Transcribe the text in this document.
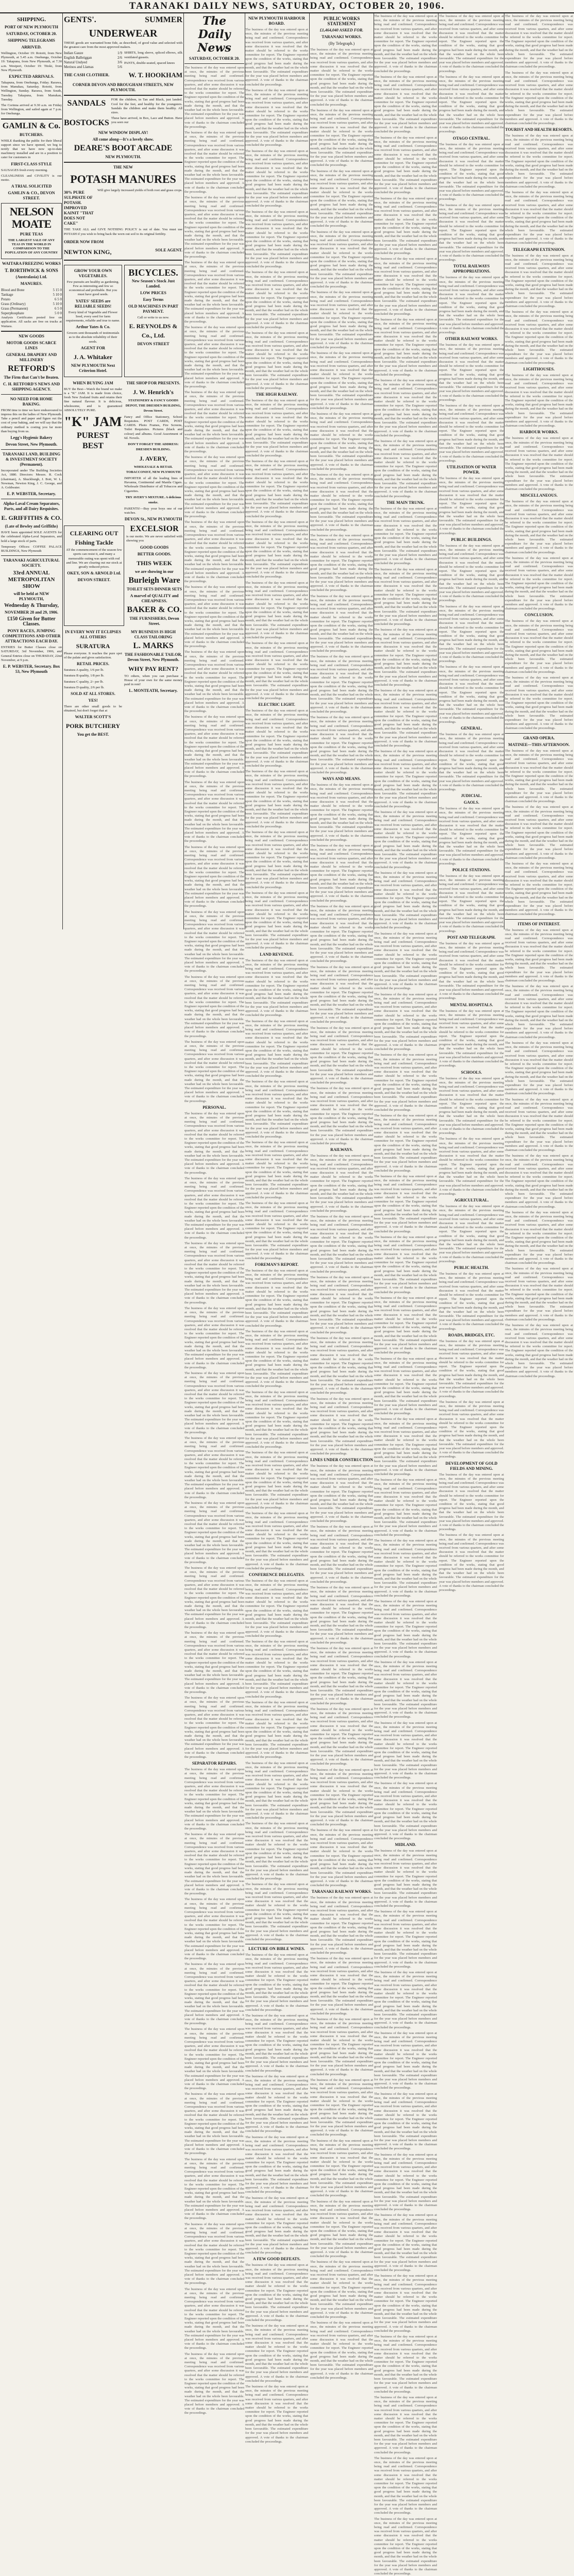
TARANAKI DAILY NEWS, SATURDAY, OCTOBER 20, 1906.
SHIPPING.
PORT OF NEW PLYMOUTH
SATURDAY, OCTOBER 20.
SHIPPING TELEGRAMS
ARRIVED.

Wellington, October 19: Rotoiti, from New Plymouth, at 5.45 a.m. Onehunga, October 19: Takapuna, from New Plymouth, at 7.30 a.m. Westport, October 19: Titoki, from New Plymouth.

EXPECTED ARRIVALS.

Takapuna, from Onehunga, Friday. Rarawa, from Manukau, Saturday. Rotoiti, from Wellington, Sunday. Rarawa, from South, Tuesday. Takapuna, from Manukau, Tuesday.

The Corinna arrived at 9.30 a.m. on Friday from Wellington, and sailed again at 7 p.m. for Onehunga.

GAMLIN & Co.
BUTCHERS.

WHILE thanking the public for their liberal support since we have opened, we beg to notify that we have now up-to-date machinery installed and are in a position to cater for customers in

FIRST-CLASS STYLE

SAUSAGES fresh every morning.

CLEANLINESS and CIVILITY is our motto.

A TRIAL SOLICITED
GAMLIN & CO., DEVON STREET.
NELSON MOATE
PURE TEAS
THE LARGEST SALE OF ANY TEAS IN THE WORLD IN COMPARISON TO THE POPULATION OF ANY COUNTRY
WAITARA FREEZING WORKS
T. BORTHWICK & SONS
(Australasia) Ltd.
MANURES.
Blood and Bone	5 15 0
Tankage	5 10 0
Potato	6 5 0
Grass (Ordinary)	5 10 0
Grass (Permanent)	6 5 0
Superphosphate	5 0 0

Analysis Certificates posted free on application. All sacks are free on trucks at Waitara.

NEW GOODS
MOTOR GOODS SCARCE LINES
GENERAL DRAPERY AND MILLINERY
RETFORD'S
The Firm that Can't be Beaten.
C. H. RETFORD'S NEWS AND SHIPPING AGENCY.
NO NEED FOR HOME BAKING.

FROM time to time we have endeavoured to impress this on the ladies of New Plymouth. Take a pencil and paper and figure out the cost of your baking, and we will say that the ordinary method is costing you far more than buying from us.

Legg's Hygienic Bakery
Devon Street, New Plymouth.
TARANAKI LAND, BUILDING & INVESTMENT SOCIETY (Permanent).

Incorporated under The Building Societies Act, 1880. Directors: Messrs. R. Cock (chairman), A. Shuckburgh, J. Bott, W. L. Newman, Newton King, J. C. George, and A. Goldwater.

E. P. WEBSTER, Secretary.
Alpha-Laval Cream Separators, Parts, and all Dairy Requisites.
E. GRIFFITHS & CO.
(Late of Bewley and Griffiths)

HAVE been appointed SOLE AGENTS for the celebrated Alpha-Laval Separators, and hold a large stock of parts.

Temporary Offices: COFFEE PALACE BUILDINGS, New Plymouth

TARANAKI AGRICULTURAL SOCIETY.
33rd ANNUAL METROPOLITAN SHOW
will be held at NEW PLYMOUTH,
Wednesday & Thursday,
NOVEMBER 28 and 29, 1906.
£150 Given for Butter Classes.
PONY RACES, JUMPING COMPETITIONS AND OTHER ATTRACTIONS EACH DAY.

ENTRIES for Butter Classes close on SATURDAY, 3rd November, 1906, and General Entries close on THURSDAY, 22nd November, at 9 p.m.

E. P. WEBSTER, Secretary. Box 53, New Plymouth
GENTS'.	SUMMER
UNDERWEAR

THESE goods are warranted bone fide, as described, of good value and selected with the greatest care from the most approved makers.

Indian Gauze	1/9
English Balbriggan	2/6
Natural Undyed	3/6
Merinos and Llamas	5/6

SHIRTS, long sleeve, spliced elbows, silk ventilated gussets.

PANTS, double-seated, spaced knees

THE CASH CLOTHIER.	W. T. HOOKHAM
CORNER DEVON AND BROUGHAM STREETS, NEW PLYMOUTH.
SANDALS
BOSTOCKS

FOR the children, in Tan and Black, just landed. Cool for the feet, and healthy for the youngsters. Sandals the children and make them healthy. All sizes.

These have arrived, in Box, Lace and Button. Have you seen our

NEW WINDOW DISPLAY!
All come along—It's a lovely show.
DEARE'S BOOT ARCADE
NEW PLYMOUTH.
THE NEW
POTASH MANURES
30% PURE SULPHATE OF POTASH. IMPROVED KAINIT "THAT DOES NOT CAKE"

Will give largely increased yields of both root and grass crops.

THE TAKE ALL and GIVE NOTHING POLICY is out of date. You must use POTASH if you wish to bring back the worn out soil to its original fertility.

ORDER NOW FROM
NEWTON KING,	SOLE AGENT.
GROW YOUR OWN VEGETABLES.

Few pursuits are healthy as gardening. Few as interesting and few so economical and profitable. But you must have good seeds.

YATES' SEEDS are RELIABLE SEEDS!

Every kind of Vegetable and Flower Seed, every seed for farm requirements, reliable and true to name.

Arthur Yates & Co.

Grocers sent thousands of testimonials as to the absolute reliability of their seeds.

AGENT FOR
J. A. Whitaker
NEW PLYMOUTH Next Criterion Hotel.
BICYCLES.
New Season's Stock Just Landed.
LOW PRICES
Easy Terms
OLD MACHINES IN PART PAYMENT.

Call or write to us now.

E. REYNOLDS & Co., Ltd.
DEVON STREET
WHEN BUYING JAM

BUY the Best—Watch the brand we make is a "K" JAM. It is made from choice, fresh New Zealand fruits and retains their fine natural flavour. It is delicious, wholesome, and is guaranteed ABSOLUTELY PURE.

"K" JAM
PUREST
BEST
THE SHOP FOR PRESENTS.
J. W. Henrich's
STATIONERY & FANCY GOODS DEPOT, THE DRESDEN BUILDING, Devon Street.

Fancy and Office Stationery, School Requisites. POST CARDS, POST CARDS. Photo Frames, Fire Screens, Toilet Requisites. Pictures (black and colour) and albums. Good Assortment of 6d. Novels.

DON'T FORGET THE ADDRESS: DRESDEN BUILDING.
J. AVERY,
WHOLESALE & RETAIL TOBACCONIST, NEW PLYMOUTH

IMPORTER of all the leading lines of Havanna, Continental and Manila Cigars. Wholesale Distributor of all Tobaccos and Cigarettes.

TRY AVERY'S MIXTURE. A delicious smoke.

PARENTS!—Buy your boys one of our watches.

DEVON St., NEW PLYMOUTH
CLEARING OUT Fishing Tackle

AT the commencement of the season few sports can resist it, and many a memorable outing was spent with rod and line. We are clearing out our stock at greatly reduced prices.

OKEY, SON & ARNOLD Ltd.
DEVON STREET.
EXCELSIOR

is our motto. We are never satisfied with showing you

GOOD GOODS
BETTER GOODS.
THIS WEEK
we are showing in our
Burleigh Ware
TOILET SETS DINNER SETS
A marvel of QUALITY and CHEAPNESS.
BAKER & CO.
THE FURNISHERS, Devon Street.
IN EVERY WAY IT ECLIPSES ALL OTHERS
SURATURA

Please everyone. It reaches the pure spot of the palate and gives satisfaction.

RETAIL PRICES.

Suratura A quality, 1/6 per lb.

Suratura B quality, 1/8 per lb.

Suratura C quality, 2/- per lb.

Suratura D quality, 2/6 per lb.

SOLD AT ALL STORES.
YES!

There are other small goods to be obtained, but don't forget that at

WALTER SCOTT'S
PORK BUTCHERY
You get the BEST.
MY BUSINESS IS HIGH CLASS TAILORING
L. MARKS
THE FASHIONABLE TAILOR, Devon Street, New Plymouth.
WHY PAY RENT?

TO others, when you can purchase a House of your own for the same money paid in rent!

L. MONTEATH, Secretary.
The Daily News
SATURDAY, OCTOBER 20.

The business of the day was entered upon at once, the minutes of the previous meeting being read and confirmed. Correspondence was received from various quarters, and after some discussion it was resolved that the matter should be referred to the works committee for report. The Engineer reported upon the condition of the works, stating that good progress had been made during the month, and that the weather had on the whole been favourable. The estimated expenditure for the year was placed before members and approved. A vote of thanks to the chairman concluded the proceedings.

The business of the day was entered upon at once, the minutes of the previous meeting being read and confirmed. Correspondence was received from various quarters, and after some discussion it was resolved that the matter should be referred to the works committee for report. The Engineer reported upon the condition of the works, stating that good progress had been made during the month, and that the weather had on the whole been favourable. The estimated expenditure for the year was placed before members and approved. A vote of thanks to the chairman concluded the proceedings.

The business of the day was entered upon at once, the minutes of the previous meeting being read and confirmed. Correspondence was received from various quarters, and after some discussion it was resolved that the matter should be referred to the works committee for report. The Engineer reported upon the condition of the works, stating that good progress had been made during the month, and that the weather had on the whole been favourable. The estimated expenditure for the year was placed before members and approved. A vote of thanks to the chairman concluded the proceedings.

The business of the day was entered upon at once, the minutes of the previous meeting being read and confirmed. Correspondence was received from various quarters, and after some discussion it was resolved that the matter should be referred to the works committee for report. The Engineer reported upon the condition of the works, stating that good progress had been made during the month, and that the weather had on the whole been favourable. The estimated expenditure for the year was placed before members and approved. A vote of thanks to the chairman concluded the proceedings.

The business of the day was entered upon at once, the minutes of the previous meeting being read and confirmed. Correspondence was received from various quarters, and after some discussion it was resolved that the matter should be referred to the works committee for report. The Engineer reported upon the condition of the works, stating that good progress had been made during the month, and that the weather had on the whole been favourable. The estimated expenditure for the year was placed before members and approved. A vote of thanks to the chairman concluded the proceedings.

The business of the day was entered upon at once, the minutes of the previous meeting being read and confirmed. Correspondence was received from various quarters, and after some discussion it was resolved that the matter should be referred to the works committee for report. The Engineer reported upon the condition of the works, stating that good progress had been made during the month, and that the weather had on the whole been favourable. The estimated expenditure for the year was placed before members and approved. A vote of thanks to the chairman concluded the proceedings.

The business of the day was entered upon at once, the minutes of the previous meeting being read and confirmed. Correspondence was received from various quarters, and after some discussion it was resolved that the matter should be referred to the works committee for report. The Engineer reported upon the condition of the works, stating that good progress had been made during the month, and that the weather had on the whole been favourable. The estimated expenditure for the year was placed before members and approved. A vote of thanks to the chairman concluded the proceedings.

The business of the day was entered upon at once, the minutes of the previous meeting being read and confirmed. Correspondence was received from various quarters, and after some discussion it was resolved that the matter should be referred to the works committee for report. The Engineer reported upon the condition of the works, stating that good progress had been made during the month, and that the weather had on the whole been favourable. The estimated expenditure for the year was placed before members and approved. A vote of thanks to the chairman concluded the proceedings.

The business of the day was entered upon at once, the minutes of the previous meeting being read and confirmed. Correspondence was received from various quarters, and after some discussion it was resolved that the matter should be referred to the works committee for report. The Engineer reported upon the condition of the works, stating that good progress had been made during the month, and that the weather had on the whole been favourable. The estimated expenditure for the year was placed before members and approved. A vote of thanks to the chairman concluded the proceedings.

The business of the day was entered upon at once, the minutes of the previous meeting being read and confirmed. Correspondence was received from various quarters, and after some discussion it was resolved that the matter should be referred to the works committee for report. The Engineer reported upon the condition of the works, stating that good progress had been made during the month, and that the weather had on the whole been favourable. The estimated expenditure for the year was placed before members and approved. A vote of thanks to the chairman concluded the proceedings.

The business of the day was entered upon at once, the minutes of the previous meeting being read and confirmed. Correspondence was received from various quarters, and after some discussion it was resolved that the matter should be referred to the works committee for report. The Engineer reported upon the condition of the works, stating that good progress had been made during the month, and that the weather had on the whole been favourable. The estimated expenditure for the year was placed before members and approved. A vote of thanks to the chairman concluded the proceedings.

The business of the day was entered upon at once, the minutes of the previous meeting being read and confirmed. Correspondence was received from various quarters, and after some discussion it was resolved that the matter should be referred to the works committee for report. The Engineer reported upon the condition of the works, stating that good progress had been made during the month, and that the weather had on the whole been favourable. The estimated expenditure for the year was placed before members and approved. A vote of thanks to the chairman concluded the proceedings.

The business of the day was entered upon at once, the minutes of the previous meeting being read and confirmed. Correspondence was received from various quarters, and after some discussion it was resolved that the matter should be referred to the works committee for report. The Engineer reported upon the condition of the works, stating that good progress had been made during the month, and that the weather had on the whole been favourable. The estimated expenditure for the year was placed before members and approved. A vote of thanks to the chairman concluded the proceedings.

The business of the day was entered upon at once, the minutes of the previous meeting being read and confirmed. Correspondence was received from various quarters, and after some discussion it was resolved that the matter should be referred to the works committee for report. The Engineer reported upon the condition of the works, stating that good progress had been made during the month, and that the weather had on the whole been favourable. The estimated expenditure for the year was placed before members and approved. A vote of thanks to the chairman concluded the proceedings.

The business of the day was entered upon at once, the minutes of the previous meeting being read and confirmed. Correspondence was received from various quarters, and after some discussion it was resolved that the matter should be referred to the works committee for report. The Engineer reported upon the condition of the works, stating that good progress had been made during the month, and that the weather had on the whole been favourable. The estimated expenditure for the year was placed before members and approved. A vote of thanks to the chairman concluded the proceedings.

The business of the day was entered upon at once, the minutes of the previous meeting being read and confirmed. Correspondence was received from various quarters, and after some discussion it was resolved that the matter should be referred to the works committee for report. The Engineer reported upon the condition of the works, stating that good progress had been made during the month, and that the weather had on the whole been favourable. The estimated expenditure for the year was placed before members and approved. A vote of thanks to the chairman concluded the proceedings.

PERSONAL.

The business of the day was entered upon at once, the minutes of the previous meeting being read and confirmed. Correspondence was received from various quarters, and after some discussion it was resolved that the matter should be referred to the works committee for report. The Engineer reported upon the condition of the works, stating that good progress had been made during the month, and that the weather had on the whole been favourable. The estimated expenditure for the year was placed before members and approved. A vote of thanks to the chairman concluded the proceedings.

The business of the day was entered upon at once, the minutes of the previous meeting being read and confirmed. Correspondence was received from various quarters, and after some discussion it was resolved that the matter should be referred to the works committee for report. The Engineer reported upon the condition of the works, stating that good progress had been made during the month, and that the weather had on the whole been favourable. The estimated expenditure for the year was placed before members and approved. A vote of thanks to the chairman concluded the proceedings.

The business of the day was entered upon at once, the minutes of the previous meeting being read and confirmed. Correspondence was received from various quarters, and after some discussion it was resolved that the matter should be referred to the works committee for report. The Engineer reported upon the condition of the works, stating that good progress had been made during the month, and that the weather had on the whole been favourable. The estimated expenditure for the year was placed before members and approved. A vote of thanks to the chairman concluded the proceedings.

The business of the day was entered upon at once, the minutes of the previous meeting being read and confirmed. Correspondence was received from various quarters, and after some discussion it was resolved that the matter should be referred to the works committee for report. The Engineer reported upon the condition of the works, stating that good progress had been made during the month, and that the weather had on the whole been favourable. The estimated expenditure for the year was placed before members and approved. A vote of thanks to the chairman concluded the proceedings.

The business of the day was entered upon at once, the minutes of the previous meeting being read and confirmed. Correspondence was received from various quarters, and after some discussion it was resolved that the matter should be referred to the works committee for report. The Engineer reported upon the condition of the works, stating that good progress had been made during the month, and that the weather had on the whole been favourable. The estimated expenditure for the year was placed before members and approved. A vote of thanks to the chairman concluded the proceedings.

The business of the day was entered upon at once, the minutes of the previous meeting being read and confirmed. Correspondence was received from various quarters, and after some discussion it was resolved that the matter should be referred to the works committee for report. The Engineer reported upon the condition of the works, stating that good progress had been made during the month, and that the weather had on the whole been favourable. The estimated expenditure for the year was placed before members and approved. A vote of thanks to the chairman concluded the proceedings.

The business of the day was entered upon at once, the minutes of the previous meeting being read and confirmed. Correspondence was received from various quarters, and after some discussion it was resolved that the matter should be referred to the works committee for report. The Engineer reported upon the condition of the works, stating that good progress had been made during the month, and that the weather had on the whole been favourable. The estimated expenditure for the year was placed before members and approved. A vote of thanks to the chairman concluded the proceedings.

The business of the day was entered upon at once, the minutes of the previous meeting being read and confirmed. Correspondence was received from various quarters, and after some discussion it was resolved that the matter should be referred to the works committee for report. The Engineer reported upon the condition of the works, stating that good progress had been made during the month, and that the weather had on the whole been favourable. The estimated expenditure for the year was placed before members and approved. A vote of thanks to the chairman concluded the proceedings.

The business of the day was entered upon at once, the minutes of the previous meeting being read and confirmed. Correspondence was received from various quarters, and after some discussion it was resolved that the matter should be referred to the works committee for report. The Engineer reported upon the condition of the works, stating that good progress had been made during the month, and that the weather had on the whole been favourable. The estimated expenditure for the year was placed before members and approved. A vote of thanks to the chairman concluded the proceedings.

The business of the day was entered upon at once, the minutes of the previous meeting being read and confirmed. Correspondence was received from various quarters, and after some discussion it was resolved that the matter should be referred to the works committee for report. The Engineer reported upon the condition of the works, stating that good progress had been made during the month, and that the weather had on the whole been favourable. The estimated expenditure for the year was placed before members and approved. A vote of thanks to the chairman concluded the proceedings.

SEPARATOR REPAIRS.

The business of the day was entered upon at once, the minutes of the previous meeting being read and confirmed. Correspondence was received from various quarters, and after some discussion it was resolved that the matter should be referred to the works committee for report. The Engineer reported upon the condition of the works, stating that good progress had been made during the month, and that the weather had on the whole been favourable. The estimated expenditure for the year was placed before members and approved. A vote of thanks to the chairman concluded the proceedings.

The business of the day was entered upon at once, the minutes of the previous meeting being read and confirmed. Correspondence was received from various quarters, and after some discussion it was resolved that the matter should be referred to the works committee for report. The Engineer reported upon the condition of the works, stating that good progress had been made during the month, and that the weather had on the whole been favourable. The estimated expenditure for the year was placed before members and approved. A vote of thanks to the chairman concluded the proceedings.

The business of the day was entered upon at once, the minutes of the previous meeting being read and confirmed. Correspondence was received from various quarters, and after some discussion it was resolved that the matter should be referred to the works committee for report. The Engineer reported upon the condition of the works, stating that good progress had been made during the month, and that the weather had on the whole been favourable. The estimated expenditure for the year was placed before members and approved. A vote of thanks to the chairman concluded the proceedings.

The business of the day was entered upon at once, the minutes of the previous meeting being read and confirmed. Correspondence was received from various quarters, and after some discussion it was resolved that the matter should be referred to the works committee for report. The Engineer reported upon the condition of the works, stating that good progress had been made during the month, and that the weather had on the whole been favourable. The estimated expenditure for the year was placed before members and approved. A vote of thanks to the chairman concluded the proceedings.

The business of the day was entered upon at once, the minutes of the previous meeting being read and confirmed. Correspondence was received from various quarters, and after some discussion it was resolved that the matter should be referred to the works committee for report. The Engineer reported upon the condition of the works, stating that good progress had been made during the month, and that the weather had on the whole been favourable. The estimated expenditure for the year was placed before members and approved. A vote of thanks to the chairman concluded the proceedings.

The business of the day was entered upon at once, the minutes of the previous meeting being read and confirmed. Correspondence was received from various quarters, and after some discussion it was resolved that the matter should be referred to the works committee for report. The Engineer reported upon the condition of the works, stating that good progress had been made during the month, and that the weather had on the whole been favourable. The estimated expenditure for the year was placed before members and approved. A vote of thanks to the chairman concluded the proceedings.

The business of the day was entered upon at once, the minutes of the previous meeting being read and confirmed. Correspondence was received from various quarters, and after some discussion it was resolved that the matter should be referred to the works committee for report. The Engineer reported upon the condition of the works, stating that good progress had been made during the month, and that the weather had on the whole been favourable. The estimated expenditure for the year was placed before members and approved. A vote of thanks to the chairman concluded the proceedings.

The business of the day was entered upon at once, the minutes of the previous meeting being read and confirmed. Correspondence was received from various quarters, and after some discussion it was resolved that the matter should be referred to the works committee for report. The Engineer reported upon the condition of the works, stating that good progress had been made during the month, and that the weather had on the whole been favourable. The estimated expenditure for the year was placed before members and approved. A vote of thanks to the chairman concluded the proceedings.

The business of the day was entered upon at once, the minutes of the previous meeting being read and confirmed. Correspondence was received from various quarters, and after some discussion it was resolved that the matter should be referred to the works committee for report. The Engineer reported upon the condition of the works, stating that good progress had been made during the month, and that the weather had on the whole been favourable. The estimated expenditure for the year was placed before members and approved. A vote of thanks to the chairman concluded the proceedings.

The business of the day was entered upon at once, the minutes of the previous meeting being read and confirmed. Correspondence was received from various quarters, and after some discussion it was resolved that the matter should be referred to the works committee for report. The Engineer reported upon the condition of the works, stating that good progress had been made during the month, and that the weather had on the whole been favourable. The estimated expenditure for the year was placed before members and approved. A vote of thanks to the chairman concluded the proceedings.

NEW PLYMOUTH HARBOUR BOARD.

The business of the day was entered upon at once, the minutes of the previous meeting being read and confirmed. Correspondence was received from various quarters, and after some discussion it was resolved that the matter should be referred to the works committee for report. The Engineer reported upon the condition of the works, stating that good progress had been made during the month, and that the weather had on the whole been favourable. The estimated expenditure for the year was placed before members and approved. A vote of thanks to the chairman concluded the proceedings.

The business of the day was entered upon at once, the minutes of the previous meeting being read and confirmed. Correspondence was received from various quarters, and after some discussion it was resolved that the matter should be referred to the works committee for report. The Engineer reported upon the condition of the works, stating that good progress had been made during the month, and that the weather had on the whole been favourable. The estimated expenditure for the year was placed before members and approved. A vote of thanks to the chairman concluded the proceedings.

The business of the day was entered upon at once, the minutes of the previous meeting being read and confirmed. Correspondence was received from various quarters, and after some discussion it was resolved that the matter should be referred to the works committee for report. The Engineer reported upon the condition of the works, stating that good progress had been made during the month, and that the weather had on the whole been favourable. The estimated expenditure for the year was placed before members and approved. A vote of thanks to the chairman concluded the proceedings.

The business of the day was entered upon at once, the minutes of the previous meeting being read and confirmed. Correspondence was received from various quarters, and after some discussion it was resolved that the matter should be referred to the works committee for report. The Engineer reported upon the condition of the works, stating that good progress had been made during the month, and that the weather had on the whole been favourable. The estimated expenditure for the year was placed before members and approved. A vote of thanks to the chairman concluded the proceedings.

The business of the day was entered upon at once, the minutes of the previous meeting being read and confirmed. Correspondence was received from various quarters, and after some discussion it was resolved that the matter should be referred to the works committee for report. The Engineer reported upon the condition of the works, stating that good progress had been made during the month, and that the weather had on the whole been favourable. The estimated expenditure for the year was placed before members and approved. A vote of thanks to the chairman concluded the proceedings.

The business of the day was entered upon at once, the minutes of the previous meeting being read and confirmed. Correspondence was received from various quarters, and after some discussion it was resolved that the matter should be referred to the works committee for report. The Engineer reported upon the condition of the works, stating that good progress had been made during the month, and that the weather had on the whole been favourable. The estimated expenditure for the year was placed before members and approved. A vote of thanks to the chairman concluded the proceedings.

THE HIGH RAILWAY.

The business of the day was entered upon at once, the minutes of the previous meeting being read and confirmed. Correspondence was received from various quarters, and after some discussion it was resolved that the matter should be referred to the works committee for report. The Engineer reported upon the condition of the works, stating that good progress had been made during the month, and that the weather had on the whole been favourable. The estimated expenditure for the year was placed before members and approved. A vote of thanks to the chairman concluded the proceedings.

The business of the day was entered upon at once, the minutes of the previous meeting being read and confirmed. Correspondence was received from various quarters, and after some discussion it was resolved that the matter should be referred to the works committee for report. The Engineer reported upon the condition of the works, stating that good progress had been made during the month, and that the weather had on the whole been favourable. The estimated expenditure for the year was placed before members and approved. A vote of thanks to the chairman concluded the proceedings.

The business of the day was entered upon at once, the minutes of the previous meeting being read and confirmed. Correspondence was received from various quarters, and after some discussion it was resolved that the matter should be referred to the works committee for report. The Engineer reported upon the condition of the works, stating that good progress had been made during the month, and that the weather had on the whole been favourable. The estimated expenditure for the year was placed before members and approved. A vote of thanks to the chairman concluded the proceedings.

The business of the day was entered upon at once, the minutes of the previous meeting being read and confirmed. Correspondence was received from various quarters, and after some discussion it was resolved that the matter should be referred to the works committee for report. The Engineer reported upon the condition of the works, stating that good progress had been made during the month, and that the weather had on the whole been favourable. The estimated expenditure for the year was placed before members and approved. A vote of thanks to the chairman concluded the proceedings.

The business of the day was entered upon at once, the minutes of the previous meeting being read and confirmed. Correspondence was received from various quarters, and after some discussion it was resolved that the matter should be referred to the works committee for report. The Engineer reported upon the condition of the works, stating that good progress had been made during the month, and that the weather had on the whole been favourable. The estimated expenditure for the year was placed before members and approved. A vote of thanks to the chairman concluded the proceedings.

ELECTRIC LIGHT.

The business of the day was entered upon at once, the minutes of the previous meeting being read and confirmed. Correspondence was received from various quarters, and after some discussion it was resolved that the matter should be referred to the works committee for report. The Engineer reported upon the condition of the works, stating that good progress had been made during the month, and that the weather had on the whole been favourable. The estimated expenditure for the year was placed before members and approved. A vote of thanks to the chairman concluded the proceedings.

The business of the day was entered upon at once, the minutes of the previous meeting being read and confirmed. Correspondence was received from various quarters, and after some discussion it was resolved that the matter should be referred to the works committee for report. The Engineer reported upon the condition of the works, stating that good progress had been made during the month, and that the weather had on the whole been favourable. The estimated expenditure for the year was placed before members and approved. A vote of thanks to the chairman concluded the proceedings.

The business of the day was entered upon at once, the minutes of the previous meeting being read and confirmed. Correspondence was received from various quarters, and after some discussion it was resolved that the matter should be referred to the works committee for report. The Engineer reported upon the condition of the works, stating that good progress had been made during the month, and that the weather had on the whole been favourable. The estimated expenditure for the year was placed before members and approved. A vote of thanks to the chairman concluded the proceedings.

The business of the day was entered upon at once, the minutes of the previous meeting being read and confirmed. Correspondence was received from various quarters, and after some discussion it was resolved that the matter should be referred to the works committee for report. The Engineer reported upon the condition of the works, stating that good progress had been made during the month, and that the weather had on the whole been favourable. The estimated expenditure for the year was placed before members and approved. A vote of thanks to the chairman concluded the proceedings.

LAND REVENUE.

The business of the day was entered upon at once, the minutes of the previous meeting being read and confirmed. Correspondence was received from various quarters, and after some discussion it was resolved that the matter should be referred to the works committee for report. The Engineer reported upon the condition of the works, stating that good progress had been made during the month, and that the weather had on the whole been favourable. The estimated expenditure for the year was placed before members and approved. A vote of thanks to the chairman concluded the proceedings.

The business of the day was entered upon at once, the minutes of the previous meeting being read and confirmed. Correspondence was received from various quarters, and after some discussion it was resolved that the matter should be referred to the works committee for report. The Engineer reported upon the condition of the works, stating that good progress had been made during the month, and that the weather had on the whole been favourable. The estimated expenditure for the year was placed before members and approved. A vote of thanks to the chairman concluded the proceedings.

The business of the day was entered upon at once, the minutes of the previous meeting being read and confirmed. Correspondence was received from various quarters, and after some discussion it was resolved that the matter should be referred to the works committee for report. The Engineer reported upon the condition of the works, stating that good progress had been made during the month, and that the weather had on the whole been favourable. The estimated expenditure for the year was placed before members and approved. A vote of thanks to the chairman concluded the proceedings.

The business of the day was entered upon at once, the minutes of the previous meeting being read and confirmed. Correspondence was received from various quarters, and after some discussion it was resolved that the matter should be referred to the works committee for report. The Engineer reported upon the condition of the works, stating that good progress had been made during the month, and that the weather had on the whole been favourable. The estimated expenditure for the year was placed before members and approved. A vote of thanks to the chairman concluded the proceedings.

The business of the day was entered upon at once, the minutes of the previous meeting being read and confirmed. Correspondence was received from various quarters, and after some discussion it was resolved that the matter should be referred to the works committee for report. The Engineer reported upon the condition of the works, stating that good progress had been made during the month, and that the weather had on the whole been favourable. The estimated expenditure for the year was placed before members and approved. A vote of thanks to the chairman concluded the proceedings.

FOREMAN'S REPORT.

The business of the day was entered upon at once, the minutes of the previous meeting being read and confirmed. Correspondence was received from various quarters, and after some discussion it was resolved that the matter should be referred to the works committee for report. The Engineer reported upon the condition of the works, stating that good progress had been made during the month, and that the weather had on the whole been favourable. The estimated expenditure for the year was placed before members and approved. A vote of thanks to the chairman concluded the proceedings.

The business of the day was entered upon at once, the minutes of the previous meeting being read and confirmed. Correspondence was received from various quarters, and after some discussion it was resolved that the matter should be referred to the works committee for report. The Engineer reported upon the condition of the works, stating that good progress had been made during the month, and that the weather had on the whole been favourable. The estimated expenditure for the year was placed before members and approved. A vote of thanks to the chairman concluded the proceedings.

The business of the day was entered upon at once, the minutes of the previous meeting being read and confirmed. Correspondence was received from various quarters, and after some discussion it was resolved that the matter should be referred to the works committee for report. The Engineer reported upon the condition of the works, stating that good progress had been made during the month, and that the weather had on the whole been favourable. The estimated expenditure for the year was placed before members and approved. A vote of thanks to the chairman concluded the proceedings.

The business of the day was entered upon at once, the minutes of the previous meeting being read and confirmed. Correspondence was received from various quarters, and after some discussion it was resolved that the matter should be referred to the works committee for report. The Engineer reported upon the condition of the works, stating that good progress had been made during the month, and that the weather had on the whole been favourable. The estimated expenditure for the year was placed before members and approved. A vote of thanks to the chairman concluded the proceedings.

The business of the day was entered upon at once, the minutes of the previous meeting being read and confirmed. Correspondence was received from various quarters, and after some discussion it was resolved that the matter should be referred to the works committee for report. The Engineer reported upon the condition of the works, stating that good progress had been made during the month, and that the weather had on the whole been favourable. The estimated expenditure for the year was placed before members and approved. A vote of thanks to the chairman concluded the proceedings.

CONFERENCE DELEGATES.

The business of the day was entered upon at once, the minutes of the previous meeting being read and confirmed. Correspondence was received from various quarters, and after some discussion it was resolved that the matter should be referred to the works committee for report. The Engineer reported upon the condition of the works, stating that good progress had been made during the month, and that the weather had on the whole been favourable. The estimated expenditure for the year was placed before members and approved. A vote of thanks to the chairman concluded the proceedings.

The business of the day was entered upon at once, the minutes of the previous meeting being read and confirmed. Correspondence was received from various quarters, and after some discussion it was resolved that the matter should be referred to the works committee for report. The Engineer reported upon the condition of the works, stating that good progress had been made during the month, and that the weather had on the whole been favourable. The estimated expenditure for the year was placed before members and approved. A vote of thanks to the chairman concluded the proceedings.

The business of the day was entered upon at once, the minutes of the previous meeting being read and confirmed. Correspondence was received from various quarters, and after some discussion it was resolved that the matter should be referred to the works committee for report. The Engineer reported upon the condition of the works, stating that good progress had been made during the month, and that the weather had on the whole been favourable. The estimated expenditure for the year was placed before members and approved. A vote of thanks to the chairman concluded the proceedings.

The business of the day was entered upon at once, the minutes of the previous meeting being read and confirmed. Correspondence was received from various quarters, and after some discussion it was resolved that the matter should be referred to the works committee for report. The Engineer reported upon the condition of the works, stating that good progress had been made during the month, and that the weather had on the whole been favourable. The estimated expenditure for the year was placed before members and approved. A vote of thanks to the chairman concluded the proceedings.

The business of the day was entered upon at once, the minutes of the previous meeting being read and confirmed. Correspondence was received from various quarters, and after some discussion it was resolved that the matter should be referred to the works committee for report. The Engineer reported upon the condition of the works, stating that good progress had been made during the month, and that the weather had on the whole been favourable. The estimated expenditure for the year was placed before members and approved. A vote of thanks to the chairman concluded the proceedings.

The business of the day was entered upon at once, the minutes of the previous meeting being read and confirmed. Correspondence was received from various quarters, and after some discussion it was resolved that the matter should be referred to the works committee for report. The Engineer reported upon the condition of the works, stating that good progress had been made during the month, and that the weather had on the whole been favourable. The estimated expenditure for the year was placed before members and approved. A vote of thanks to the chairman concluded the proceedings.

LECTURE ON BIBLE WINES.

The business of the day was entered upon at once, the minutes of the previous meeting being read and confirmed. Correspondence was received from various quarters, and after some discussion it was resolved that the matter should be referred to the works committee for report. The Engineer reported upon the condition of the works, stating that good progress had been made during the month, and that the weather had on the whole been favourable. The estimated expenditure for the year was placed before members and approved. A vote of thanks to the chairman concluded the proceedings.

The business of the day was entered upon at once, the minutes of the previous meeting being read and confirmed. Correspondence was received from various quarters, and after some discussion it was resolved that the matter should be referred to the works committee for report. The Engineer reported upon the condition of the works, stating that good progress had been made during the month, and that the weather had on the whole been favourable. The estimated expenditure for the year was placed before members and approved. A vote of thanks to the chairman concluded the proceedings.

The business of the day was entered upon at once, the minutes of the previous meeting being read and confirmed. Correspondence was received from various quarters, and after some discussion it was resolved that the matter should be referred to the works committee for report. The Engineer reported upon the condition of the works, stating that good progress had been made during the month, and that the weather had on the whole been favourable. The estimated expenditure for the year was placed before members and approved. A vote of thanks to the chairman concluded the proceedings.

The business of the day was entered upon at once, the minutes of the previous meeting being read and confirmed. Correspondence was received from various quarters, and after some discussion it was resolved that the matter should be referred to the works committee for report. The Engineer reported upon the condition of the works, stating that good progress had been made during the month, and that the weather had on the whole been favourable. The estimated expenditure for the year was placed before members and approved. A vote of thanks to the chairman concluded the proceedings.

The business of the day was entered upon at once, the minutes of the previous meeting being read and confirmed. Correspondence was received from various quarters, and after some discussion it was resolved that the matter should be referred to the works committee for report. The Engineer reported upon the condition of the works, stating that good progress had been made during the month, and that the weather had on the whole been favourable. The estimated expenditure for the year was placed before members and approved. A vote of thanks to the chairman concluded the proceedings.

A FEW GOOD DEFEATS.

The business of the day was entered upon at once, the minutes of the previous meeting being read and confirmed. Correspondence was received from various quarters, and after some discussion it was resolved that the matter should be referred to the works committee for report. The Engineer reported upon the condition of the works, stating that good progress had been made during the month, and that the weather had on the whole been favourable. The estimated expenditure for the year was placed before members and approved. A vote of thanks to the chairman concluded the proceedings.

The business of the day was entered upon at once, the minutes of the previous meeting being read and confirmed. Correspondence was received from various quarters, and after some discussion it was resolved that the matter should be referred to the works committee for report. The Engineer reported upon the condition of the works, stating that good progress had been made during the month, and that the weather had on the whole been favourable. The estimated expenditure for the year was placed before members and approved. A vote of thanks to the chairman concluded the proceedings.

The business of the day was entered upon at once, the minutes of the previous meeting being read and confirmed. Correspondence was received from various quarters, and after some discussion it was resolved that the matter should be referred to the works committee for report. The Engineer reported upon the condition of the works, stating that good progress had been made during the month, and that the weather had on the whole been favourable. The estimated expenditure for the year was placed before members and approved. A vote of thanks to the chairman concluded the proceedings.

PUBLIC WORKS STATEMENT
£1,464,040 ASKED FOR.
TARANAKI WORKS.
(By Telegraph.)

The business of the day was entered upon at once, the minutes of the previous meeting being read and confirmed. Correspondence was received from various quarters, and after some discussion it was resolved that the matter should be referred to the works committee for report. The Engineer reported upon the condition of the works, stating that good progress had been made during the month, and that the weather had on the whole been favourable. The estimated expenditure for the year was placed before members and approved. A vote of thanks to the chairman concluded the proceedings.

The business of the day was entered upon at once, the minutes of the previous meeting being read and confirmed. Correspondence was received from various quarters, and after some discussion it was resolved that the matter should be referred to the works committee for report. The Engineer reported upon the condition of the works, stating that good progress had been made during the month, and that the weather had on the whole been favourable. The estimated expenditure for the year was placed before members and approved. A vote of thanks to the chairman concluded the proceedings.

The business of the day was entered upon at once, the minutes of the previous meeting being read and confirmed. Correspondence was received from various quarters, and after some discussion it was resolved that the matter should be referred to the works committee for report. The Engineer reported upon the condition of the works, stating that good progress had been made during the month, and that the weather had on the whole been favourable. The estimated expenditure for the year was placed before members and approved. A vote of thanks to the chairman concluded the proceedings.

The business of the day was entered upon at once, the minutes of the previous meeting being read and confirmed. Correspondence was received from various quarters, and after some discussion it was resolved that the matter should be referred to the works committee for report. The Engineer reported upon the condition of the works, stating that good progress had been made during the month, and that the weather had on the whole been favourable. The estimated expenditure for the year was placed before members and approved. A vote of thanks to the chairman concluded the proceedings.

The business of the day was entered upon at once, the minutes of the previous meeting being read and confirmed. Correspondence was received from various quarters, and after some discussion it was resolved that the matter should be referred to the works committee for report. The Engineer reported upon the condition of the works, stating that good progress had been made during the month, and that the weather had on the whole been favourable. The estimated expenditure for the year was placed before members and approved. A vote of thanks to the chairman concluded the proceedings.

The business of the day was entered upon at once, the minutes of the previous meeting being read and confirmed. Correspondence was received from various quarters, and after some discussion it was resolved that the matter should be referred to the works committee for report. The Engineer reported upon the condition of the works, stating that good progress had been made during the month, and that the weather had on the whole been favourable. The estimated expenditure for the year was placed before members and approved. A vote of thanks to the chairman concluded the proceedings.

The business of the day was entered upon at once, the minutes of the previous meeting being read and confirmed. Correspondence was received from various quarters, and after some discussion it was resolved that the matter should be referred to the works committee for report. The Engineer reported upon the condition of the works, stating that good progress had been made during the month, and that the weather had on the whole been favourable. The estimated expenditure for the year was placed before members and approved. A vote of thanks to the chairman concluded the proceedings.

The business of the day was entered upon at once, the minutes of the previous meeting being read and confirmed. Correspondence was received from various quarters, and after some discussion it was resolved that the matter should be referred to the works committee for report. The Engineer reported upon the condition of the works, stating that good progress had been made during the month, and that the weather had on the whole been favourable. The estimated expenditure for the year was placed before members and approved. A vote of thanks to the chairman concluded the proceedings.

The business of the day was entered upon at once, the minutes of the previous meeting being read and confirmed. Correspondence was received from various quarters, and after some discussion it was resolved that the matter should be referred to the works committee for report. The Engineer reported upon the condition of the works, stating that good progress had been made during the month, and that the weather had on the whole been favourable. The estimated expenditure for the year was placed before members and approved. A vote of thanks to the chairman concluded the proceedings.

The business of the day was entered upon at once, the minutes of the previous meeting being read and confirmed. Correspondence was received from various quarters, and after some discussion it was resolved that the matter should be referred to the works committee for report. The Engineer reported upon the condition of the works, stating that good progress had been made during the month, and that the weather had on the whole been favourable. The estimated expenditure for the year was placed before members and approved. A vote of thanks to the chairman concluded the proceedings.

The business of the day was entered upon at once, the minutes of the previous meeting being read and confirmed. Correspondence was received from various quarters, and after some discussion it was resolved that the matter should be referred to the works committee for report. The Engineer reported upon the condition of the works, stating that good progress had been made during the month, and that the weather had on the whole been favourable. The estimated expenditure for the year was placed before members and approved. A vote of thanks to the chairman concluded the proceedings.

The business of the day was entered upon at once, the minutes of the previous meeting being read and confirmed. Correspondence was received from various quarters, and after some discussion it was resolved that the matter should be referred to the works committee for report. The Engineer reported upon the condition of the works, stating that good progress had been made during the month, and that the weather had on the whole been favourable. The estimated expenditure for the year was placed before members and approved. A vote of thanks to the chairman concluded the proceedings.

WAYS AND MEANS.

The business of the day was entered upon at once, the minutes of the previous meeting being read and confirmed. Correspondence was received from various quarters, and after some discussion it was resolved that the matter should be referred to the works committee for report. The Engineer reported upon the condition of the works, stating that good progress had been made during the month, and that the weather had on the whole been favourable. The estimated expenditure for the year was placed before members and approved. A vote of thanks to the chairman concluded the proceedings.

The business of the day was entered upon at once, the minutes of the previous meeting being read and confirmed. Correspondence was received from various quarters, and after some discussion it was resolved that the matter should be referred to the works committee for report. The Engineer reported upon the condition of the works, stating that good progress had been made during the month, and that the weather had on the whole been favourable. The estimated expenditure for the year was placed before members and approved. A vote of thanks to the chairman concluded the proceedings.

The business of the day was entered upon at once, the minutes of the previous meeting being read and confirmed. Correspondence was received from various quarters, and after some discussion it was resolved that the matter should be referred to the works committee for report. The Engineer reported upon the condition of the works, stating that good progress had been made during the month, and that the weather had on the whole been favourable. The estimated expenditure for the year was placed before members and approved. A vote of thanks to the chairman concluded the proceedings.

The business of the day was entered upon at once, the minutes of the previous meeting being read and confirmed. Correspondence was received from various quarters, and after some discussion it was resolved that the matter should be referred to the works committee for report. The Engineer reported upon the condition of the works, stating that good progress had been made during the month, and that the weather had on the whole been favourable. The estimated expenditure for the year was placed before members and approved. A vote of thanks to the chairman concluded the proceedings.

The business of the day was entered upon at once, the minutes of the previous meeting being read and confirmed. Correspondence was received from various quarters, and after some discussion it was resolved that the matter should be referred to the works committee for report. The Engineer reported upon the condition of the works, stating that good progress had been made during the month, and that the weather had on the whole been favourable. The estimated expenditure for the year was placed before members and approved. A vote of thanks to the chairman concluded the proceedings.

The business of the day was entered upon at once, the minutes of the previous meeting being read and confirmed. Correspondence was received from various quarters, and after some discussion it was resolved that the matter should be referred to the works committee for report. The Engineer reported upon the condition of the works, stating that good progress had been made during the month, and that the weather had on the whole been favourable. The estimated expenditure for the year was placed before members and approved. A vote of thanks to the chairman concluded the proceedings.

RAILWAYS.

The business of the day was entered upon at once, the minutes of the previous meeting being read and confirmed. Correspondence was received from various quarters, and after some discussion it was resolved that the matter should be referred to the works committee for report. The Engineer reported upon the condition of the works, stating that good progress had been made during the month, and that the weather had on the whole been favourable. The estimated expenditure for the year was placed before members and approved. A vote of thanks to the chairman concluded the proceedings.

The business of the day was entered upon at once, the minutes of the previous meeting being read and confirmed. Correspondence was received from various quarters, and after some discussion it was resolved that the matter should be referred to the works committee for report. The Engineer reported upon the condition of the works, stating that good progress had been made during the month, and that the weather had on the whole been favourable. The estimated expenditure for the year was placed before members and approved. A vote of thanks to the chairman concluded the proceedings.

The business of the day was entered upon at once, the minutes of the previous meeting being read and confirmed. Correspondence was received from various quarters, and after some discussion it was resolved that the matter should be referred to the works committee for report. The Engineer reported upon the condition of the works, stating that good progress had been made during the month, and that the weather had on the whole been favourable. The estimated expenditure for the year was placed before members and approved. A vote of thanks to the chairman concluded the proceedings.

The business of the day was entered upon at once, the minutes of the previous meeting being read and confirmed. Correspondence was received from various quarters, and after some discussion it was resolved that the matter should be referred to the works committee for report. The Engineer reported upon the condition of the works, stating that good progress had been made during the month, and that the weather had on the whole been favourable. The estimated expenditure for the year was placed before members and approved. A vote of thanks to the chairman concluded the proceedings.

The business of the day was entered upon at once, the minutes of the previous meeting being read and confirmed. Correspondence was received from various quarters, and after some discussion it was resolved that the matter should be referred to the works committee for report. The Engineer reported upon the condition of the works, stating that good progress had been made during the month, and that the weather had on the whole been favourable. The estimated expenditure for the year was placed before members and approved. A vote of thanks to the chairman concluded the proceedings.

LINES UNDER CONSTRUCTION

The business of the day was entered upon at once, the minutes of the previous meeting being read and confirmed. Correspondence was received from various quarters, and after some discussion it was resolved that the matter should be referred to the works committee for report. The Engineer reported upon the condition of the works, stating that good progress had been made during the month, and that the weather had on the whole been favourable. The estimated expenditure for the year was placed before members and approved. A vote of thanks to the chairman concluded the proceedings.

The business of the day was entered upon at once, the minutes of the previous meeting being read and confirmed. Correspondence was received from various quarters, and after some discussion it was resolved that the matter should be referred to the works committee for report. The Engineer reported upon the condition of the works, stating that good progress had been made during the month, and that the weather had on the whole been favourable. The estimated expenditure for the year was placed before members and approved. A vote of thanks to the chairman concluded the proceedings.

The business of the day was entered upon at once, the minutes of the previous meeting being read and confirmed. Correspondence was received from various quarters, and after some discussion it was resolved that the matter should be referred to the works committee for report. The Engineer reported upon the condition of the works, stating that good progress had been made during the month, and that the weather had on the whole been favourable. The estimated expenditure for the year was placed before members and approved. A vote of thanks to the chairman concluded the proceedings.

The business of the day was entered upon at once, the minutes of the previous meeting being read and confirmed. Correspondence was received from various quarters, and after some discussion it was resolved that the matter should be referred to the works committee for report. The Engineer reported upon the condition of the works, stating that good progress had been made during the month, and that the weather had on the whole been favourable. The estimated expenditure for the year was placed before members and approved. A vote of thanks to the chairman concluded the proceedings.

The business of the day was entered upon at once, the minutes of the previous meeting being read and confirmed. Correspondence was received from various quarters, and after some discussion it was resolved that the matter should be referred to the works committee for report. The Engineer reported upon the condition of the works, stating that good progress had been made during the month, and that the weather had on the whole been favourable. The estimated expenditure for the year was placed before members and approved. A vote of thanks to the chairman concluded the proceedings.

The business of the day was entered upon at once, the minutes of the previous meeting being read and confirmed. Correspondence was received from various quarters, and after some discussion it was resolved that the matter should be referred to the works committee for report. The Engineer reported upon the condition of the works, stating that good progress had been made during the month, and that the weather had on the whole been favourable. The estimated expenditure for the year was placed before members and approved. A vote of thanks to the chairman concluded the proceedings.

The business of the day was entered upon at once, the minutes of the previous meeting being read and confirmed. Correspondence was received from various quarters, and after some discussion it was resolved that the matter should be referred to the works committee for report. The Engineer reported upon the condition of the works, stating that good progress had been made during the month, and that the weather had on the whole been favourable. The estimated expenditure for the year was placed before members and approved. A vote of thanks to the chairman concluded the proceedings.

TARANAKI RAILWAY WORKS.

The business of the day was entered upon at once, the minutes of the previous meeting being read and confirmed. Correspondence was received from various quarters, and after some discussion it was resolved that the matter should be referred to the works committee for report. The Engineer reported upon the condition of the works, stating that good progress had been made during the month, and that the weather had on the whole been favourable. The estimated expenditure for the year was placed before members and approved. A vote of thanks to the chairman concluded the proceedings.

The business of the day was entered upon at once, the minutes of the previous meeting being read and confirmed. Correspondence was received from various quarters, and after some discussion it was resolved that the matter should be referred to the works committee for report. The Engineer reported upon the condition of the works, stating that good progress had been made during the month, and that the weather had on the whole been favourable. The estimated expenditure for the year was placed before members and approved. A vote of thanks to the chairman concluded the proceedings.

The business of the day was entered upon at once, the minutes of the previous meeting being read and confirmed. Correspondence was received from various quarters, and after some discussion it was resolved that the matter should be referred to the works committee for report. The Engineer reported upon the condition of the works, stating that good progress had been made during the month, and that the weather had on the whole been favourable. The estimated expenditure for the year was placed before members and approved. A vote of thanks to the chairman concluded the proceedings.

The business of the day was entered upon at once, the minutes of the previous meeting being read and confirmed. Correspondence was received from various quarters, and after some discussion it was resolved that the matter should be referred to the works committee for report. The Engineer reported upon the condition of the works, stating that good progress had been made during the month, and that the weather had on the whole been favourable. The estimated expenditure for the year was placed before members and approved. A vote of thanks to the chairman concluded the proceedings.

The business of the day was entered upon at once, the minutes of the previous meeting being read and confirmed. Correspondence was received from various quarters, and after some discussion it was resolved that the matter should be referred to the works committee for report. The Engineer reported upon the condition of the works, stating that good progress had been made during the month, and that the weather had on the whole been favourable. The estimated expenditure for the year was placed before members and approved. A vote of thanks to the chairman concluded the proceedings.

The business of the day was entered upon at once, the minutes of the previous meeting being read and confirmed. Correspondence was received from various quarters, and after some discussion it was resolved that the matter should be referred to the works committee for report. The Engineer reported upon the condition of the works, stating that good progress had been made during the month, and that the weather had on the whole been favourable. The estimated expenditure for the year was placed before members and approved. A vote of thanks to the chairman concluded the proceedings.

The business of the day was entered upon at once, the minutes of the previous meeting being read and confirmed. Correspondence was received from various quarters, and after some discussion it was resolved that the matter should be referred to the works committee for report. The Engineer reported upon the condition of the works, stating that good progress had been made during the month, and that the weather had on the whole been favourable. The estimated expenditure for the year was placed before members and approved. A vote of thanks to the chairman concluded the proceedings.

The business of the day was entered upon at once, the minutes of the previous meeting being read and confirmed. Correspondence was received from various quarters, and after some discussion it was resolved that the matter should be referred to the works committee for report. The Engineer reported upon the condition of the works, stating that good progress had been made during the month, and that the weather had on the whole been favourable. The estimated expenditure for the year was placed before members and approved. A vote of thanks to the chairman concluded the proceedings.

The business of the day was entered upon at once, the minutes of the previous meeting being read and confirmed. Correspondence was received from various quarters, and after some discussion it was resolved that the matter should be referred to the works committee for report. The Engineer reported upon the condition of the works, stating that good progress had been made during the month, and that the weather had on the whole been favourable. The estimated expenditure for the year was placed before members and approved. A vote of thanks to the chairman concluded the proceedings.

The business of the day was entered upon at once, the minutes of the previous meeting being read and confirmed. Correspondence was received from various quarters, and after some discussion it was resolved that the matter should be referred to the works committee for report. The Engineer reported upon the condition of the works, stating that good progress had been made during the month, and that the weather had on the whole been favourable. The estimated expenditure for the year was placed before members and approved. A vote of thanks to the chairman concluded the proceedings.

The business of the day was entered upon at once, the minutes of the previous meeting being read and confirmed. Correspondence was received from various quarters, and after some discussion it was resolved that the matter should be referred to the works committee for report. The Engineer reported upon the condition of the works, stating that good progress had been made during the month, and that the weather had on the whole been favourable. The estimated expenditure for the year was placed before members and approved. A vote of thanks to the chairman concluded the proceedings.

The business of the day was entered upon at once, the minutes of the previous meeting being read and confirmed. Correspondence was received from various quarters, and after some discussion it was resolved that the matter should be referred to the works committee for report. The Engineer reported upon the condition of the works, stating that good progress had been made during the month, and that the weather had on the whole been favourable. The estimated expenditure for the year was placed before members and approved. A vote of thanks to the chairman concluded the proceedings.

The business of the day was entered upon at once, the minutes of the previous meeting being read and confirmed. Correspondence was received from various quarters, and after some discussion it was resolved that the matter should be referred to the works committee for report. The Engineer reported upon the condition of the works, stating that good progress had been made during the month, and that the weather had on the whole been favourable. The estimated expenditure for the year was placed before members and approved. A vote of thanks to the chairman concluded the proceedings.

The business of the day was entered upon at once, the minutes of the previous meeting being read and confirmed. Correspondence was received from various quarters, and after some discussion it was resolved that the matter should be referred to the works committee for report. The Engineer reported upon the condition of the works, stating that good progress had been made during the month, and that the weather had on the whole been favourable. The estimated expenditure for the year was placed before members and approved. A vote of thanks to the chairman concluded the proceedings.

The business of the day was entered upon at once, the minutes of the previous meeting being read and confirmed. Correspondence was received from various quarters, and after some discussion it was resolved that the matter should be referred to the works committee for report. The Engineer reported upon the condition of the works, stating that good progress had been made during the month, and that the weather had on the whole been favourable. The estimated expenditure for the year was placed before members and approved. A vote of thanks to the chairman concluded the proceedings.

The business of the day was entered upon at once, the minutes of the previous meeting being read and confirmed. Correspondence was received from various quarters, and after some discussion it was resolved that the matter should be referred to the works committee for report. The Engineer reported upon the condition of the works, stating that good progress had been made during the month, and that the weather had on the whole been favourable. The estimated expenditure for the year was placed before members and approved. A vote of thanks to the chairman concluded the proceedings.

THE MAIN TRUNK.

The business of the day was entered upon at once, the minutes of the previous meeting being read and confirmed. Correspondence was received from various quarters, and after some discussion it was resolved that the matter should be referred to the works committee for report. The Engineer reported upon the condition of the works, stating that good progress had been made during the month, and that the weather had on the whole been favourable. The estimated expenditure for the year was placed before members and approved. A vote of thanks to the chairman concluded the proceedings.

The business of the day was entered upon at once, the minutes of the previous meeting being read and confirmed. Correspondence was received from various quarters, and after some discussion it was resolved that the matter should be referred to the works committee for report. The Engineer reported upon the condition of the works, stating that good progress had been made during the month, and that the weather had on the whole been favourable. The estimated expenditure for the year was placed before members and approved. A vote of thanks to the chairman concluded the proceedings.

The business of the day was entered upon at once, the minutes of the previous meeting being read and confirmed. Correspondence was received from various quarters, and after some discussion it was resolved that the matter should be referred to the works committee for report. The Engineer reported upon the condition of the works, stating that good progress had been made during the month, and that the weather had on the whole been favourable. The estimated expenditure for the year was placed before members and approved. A vote of thanks to the chairman concluded the proceedings.

The business of the day was entered upon at once, the minutes of the previous meeting being read and confirmed. Correspondence was received from various quarters, and after some discussion it was resolved that the matter should be referred to the works committee for report. The Engineer reported upon the condition of the works, stating that good progress had been made during the month, and that the weather had on the whole been favourable. The estimated expenditure for the year was placed before members and approved. A vote of thanks to the chairman concluded the proceedings.

The business of the day was entered upon at once, the minutes of the previous meeting being read and confirmed. Correspondence was received from various quarters, and after some discussion it was resolved that the matter should be referred to the works committee for report. The Engineer reported upon the condition of the works, stating that good progress had been made during the month, and that the weather had on the whole been favourable. The estimated expenditure for the year was placed before members and approved. A vote of thanks to the chairman concluded the proceedings.

The business of the day was entered upon at once, the minutes of the previous meeting being read and confirmed. Correspondence was received from various quarters, and after some discussion it was resolved that the matter should be referred to the works committee for report. The Engineer reported upon the condition of the works, stating that good progress had been made during the month, and that the weather had on the whole been favourable. The estimated expenditure for the year was placed before members and approved. A vote of thanks to the chairman concluded the proceedings.

The business of the day was entered upon at once, the minutes of the previous meeting being read and confirmed. Correspondence was received from various quarters, and after some discussion it was resolved that the matter should be referred to the works committee for report. The Engineer reported upon the condition of the works, stating that good progress had been made during the month, and that the weather had on the whole been favourable. The estimated expenditure for the year was placed before members and approved. A vote of thanks to the chairman concluded the proceedings.

The business of the day was entered upon at once, the minutes of the previous meeting being read and confirmed. Correspondence was received from various quarters, and after some discussion it was resolved that the matter should be referred to the works committee for report. The Engineer reported upon the condition of the works, stating that good progress had been made during the month, and that the weather had on the whole been favourable. The estimated expenditure for the year was placed before members and approved. A vote of thanks to the chairman concluded the proceedings.

The business of the day was entered upon at once, the minutes of the previous meeting being read and confirmed. Correspondence was received from various quarters, and after some discussion it was resolved that the matter should be referred to the works committee for report. The Engineer reported upon the condition of the works, stating that good progress had been made during the month, and that the weather had on the whole been favourable. The estimated expenditure for the year was placed before members and approved. A vote of thanks to the chairman concluded the proceedings.

The business of the day was entered upon at once, the minutes of the previous meeting being read and confirmed. Correspondence was received from various quarters, and after some discussion it was resolved that the matter should be referred to the works committee for report. The Engineer reported upon the condition of the works, stating that good progress had been made during the month, and that the weather had on the whole been favourable. The estimated expenditure for the year was placed before members and approved. A vote of thanks to the chairman concluded the proceedings.

The business of the day was entered upon at once, the minutes of the previous meeting being read and confirmed. Correspondence was received from various quarters, and after some discussion it was resolved that the matter should be referred to the works committee for report. The Engineer reported upon the condition of the works, stating that good progress had been made during the month, and that the weather had on the whole been favourable. The estimated expenditure for the year was placed before members and approved. A vote of thanks to the chairman concluded the proceedings.

The business of the day was entered upon at once, the minutes of the previous meeting being read and confirmed. Correspondence was received from various quarters, and after some discussion it was resolved that the matter should be referred to the works committee for report. The Engineer reported upon the condition of the works, stating that good progress had been made during the month, and that the weather had on the whole been favourable. The estimated expenditure for the year was placed before members and approved. A vote of thanks to the chairman concluded the proceedings.

The business of the day was entered upon at once, the minutes of the previous meeting being read and confirmed. Correspondence was received from various quarters, and after some discussion it was resolved that the matter should be referred to the works committee for report. The Engineer reported upon the condition of the works, stating that good progress had been made during the month, and that the weather had on the whole been favourable. The estimated expenditure for the year was placed before members and approved. A vote of thanks to the chairman concluded the proceedings.

The business of the day was entered upon at once, the minutes of the previous meeting being read and confirmed. Correspondence was received from various quarters, and after some discussion it was resolved that the matter should be referred to the works committee for report. The Engineer reported upon the condition of the works, stating that good progress had been made during the month, and that the weather had on the whole been favourable. The estimated expenditure for the year was placed before members and approved. A vote of thanks to the chairman concluded the proceedings.

The business of the day was entered upon at once, the minutes of the previous meeting being read and confirmed. Correspondence was received from various quarters, and after some discussion it was resolved that the matter should be referred to the works committee for report. The Engineer reported upon the condition of the works, stating that good progress had been made during the month, and that the weather had on the whole been favourable. The estimated expenditure for the year was placed before members and approved. A vote of thanks to the chairman concluded the proceedings.

The business of the day was entered upon at once, the minutes of the previous meeting being read and confirmed. Correspondence was received from various quarters, and after some discussion it was resolved that the matter should be referred to the works committee for report. The Engineer reported upon the condition of the works, stating that good progress had been made during the month, and that the weather had on the whole been favourable. The estimated expenditure for the year was placed before members and approved. A vote of thanks to the chairman concluded the proceedings.

The business of the day was entered upon at once, the minutes of the previous meeting being read and confirmed. Correspondence was received from various quarters, and after some discussion it was resolved that the matter should be referred to the works committee for report. The Engineer reported upon the condition of the works, stating that good progress had been made during the month, and that the weather had on the whole been favourable. The estimated expenditure for the year was placed before members and approved. A vote of thanks to the chairman concluded the proceedings.

The business of the day was entered upon at once, the minutes of the previous meeting being read and confirmed. Correspondence was received from various quarters, and after some discussion it was resolved that the matter should be referred to the works committee for report. The Engineer reported upon the condition of the works, stating that good progress had been made during the month, and that the weather had on the whole been favourable. The estimated expenditure for the year was placed before members and approved. A vote of thanks to the chairman concluded the proceedings.

The business of the day was entered upon at once, the minutes of the previous meeting being read and confirmed. Correspondence was received from various quarters, and after some discussion it was resolved that the matter should be referred to the works committee for report. The Engineer reported upon the condition of the works, stating that good progress had been made during the month, and that the weather had on the whole been favourable. The estimated expenditure for the year was placed before members and approved. A vote of thanks to the chairman concluded the proceedings.

The business of the day was entered upon at once, the minutes of the previous meeting being read and confirmed. Correspondence was received from various quarters, and after some discussion it was resolved that the matter should be referred to the works committee for report. The Engineer reported upon the condition of the works, stating that good progress had been made during the month, and that the weather had on the whole been favourable. The estimated expenditure for the year was placed before members and approved. A vote of thanks to the chairman concluded the proceedings.

The business of the day was entered upon at once, the minutes of the previous meeting being read and confirmed. Correspondence was received from various quarters, and after some discussion it was resolved that the matter should be referred to the works committee for report. The Engineer reported upon the condition of the works, stating that good progress had been made during the month, and that the weather had on the whole been favourable. The estimated expenditure for the year was placed before members and approved. A vote of thanks to the chairman concluded the proceedings.

The business of the day was entered upon at once, the minutes of the previous meeting being read and confirmed. Correspondence was received from various quarters, and after some discussion it was resolved that the matter should be referred to the works committee for report. The Engineer reported upon the condition of the works, stating that good progress had been made during the month, and that the weather had on the whole been favourable. The estimated expenditure for the year was placed before members and approved. A vote of thanks to the chairman concluded the proceedings.

MIDLAND.

The business of the day was entered upon at once, the minutes of the previous meeting being read and confirmed. Correspondence was received from various quarters, and after some discussion it was resolved that the matter should be referred to the works committee for report. The Engineer reported upon the condition of the works, stating that good progress had been made during the month, and that the weather had on the whole been favourable. The estimated expenditure for the year was placed before members and approved. A vote of thanks to the chairman concluded the proceedings.

The business of the day was entered upon at once, the minutes of the previous meeting being read and confirmed. Correspondence was received from various quarters, and after some discussion it was resolved that the matter should be referred to the works committee for report. The Engineer reported upon the condition of the works, stating that good progress had been made during the month, and that the weather had on the whole been favourable. The estimated expenditure for the year was placed before members and approved. A vote of thanks to the chairman concluded the proceedings.

The business of the day was entered upon at once, the minutes of the previous meeting being read and confirmed. Correspondence was received from various quarters, and after some discussion it was resolved that the matter should be referred to the works committee for report. The Engineer reported upon the condition of the works, stating that good progress had been made during the month, and that the weather had on the whole been favourable. The estimated expenditure for the year was placed before members and approved. A vote of thanks to the chairman concluded the proceedings.

The business of the day was entered upon at once, the minutes of the previous meeting being read and confirmed. Correspondence was received from various quarters, and after some discussion it was resolved that the matter should be referred to the works committee for report. The Engineer reported upon the condition of the works, stating that good progress had been made during the month, and that the weather had on the whole been favourable. The estimated expenditure for the year was placed before members and approved. A vote of thanks to the chairman concluded the proceedings.

The business of the day was entered upon at once, the minutes of the previous meeting being read and confirmed. Correspondence was received from various quarters, and after some discussion it was resolved that the matter should be referred to the works committee for report. The Engineer reported upon the condition of the works, stating that good progress had been made during the month, and that the weather had on the whole been favourable. The estimated expenditure for the year was placed before members and approved. A vote of thanks to the chairman concluded the proceedings.

The business of the day was entered upon at once, the minutes of the previous meeting being read and confirmed. Correspondence was received from various quarters, and after some discussion it was resolved that the matter should be referred to the works committee for report. The Engineer reported upon the condition of the works, stating that good progress had been made during the month, and that the weather had on the whole been favourable. The estimated expenditure for the year was placed before members and approved. A vote of thanks to the chairman concluded the proceedings.

The business of the day was entered upon at once, the minutes of the previous meeting being read and confirmed. Correspondence was received from various quarters, and after some discussion it was resolved that the matter should be referred to the works committee for report. The Engineer reported upon the condition of the works, stating that good progress had been made during the month, and that the weather had on the whole been favourable. The estimated expenditure for the year was placed before members and approved. A vote of thanks to the chairman concluded the proceedings.

The business of the day was entered upon at once, the minutes of the previous meeting being read and confirmed. Correspondence was received from various quarters, and after some discussion it was resolved that the matter should be referred to the works committee for report. The Engineer reported upon the condition of the works, stating that good progress had been made during the month, and that the weather had on the whole been favourable. The estimated expenditure for the year was placed before members and approved. A vote of thanks to the chairman concluded the proceedings.

The business of the day was entered upon at once, the minutes of the previous meeting being read and confirmed. Correspondence was received from various quarters, and after some discussion it was resolved that the matter should be referred to the works committee for report. The Engineer reported upon the condition of the works, stating that good progress had been made during the month, and that the weather had on the whole been favourable. The estimated expenditure for the year was placed before members and approved. A vote of thanks to the chairman concluded the proceedings.

The business of the day was entered upon at once, the minutes of the previous meeting being read and confirmed. Correspondence was received from various quarters, and after some discussion it was resolved that the matter should be referred to the works committee for report. The Engineer reported upon the condition of the works, stating that good progress had been made during the month, and that the weather had on the whole been favourable. The estimated expenditure for the year was placed before members and approved. A vote of thanks to the chairman concluded the proceedings.

The business of the day was entered upon at once, the minutes of the previous meeting being read and confirmed. Correspondence was received from various quarters, and after some discussion it was resolved that the matter should be referred to the works committee for report. The Engineer reported upon the condition of the works, stating that good progress had been made during the month, and that the weather had on the whole been favourable. The estimated expenditure for the year was placed before members and approved. A vote of thanks to the chairman concluded the proceedings.

The business of the day was entered upon at once, the minutes of the previous meeting being read and confirmed. Correspondence was received from various quarters, and after some discussion it was resolved that the matter should be referred to the works committee for report. The Engineer reported upon the condition of the works, stating that good progress had been made during the month, and that the weather had on the whole been favourable. The estimated expenditure for the year was placed before members and approved. A vote of thanks to the chairman concluded the proceedings.

The business of the day was entered upon at once, the minutes of the previous meeting being read and confirmed. Correspondence was received from various quarters, and after some discussion it was resolved that the matter should be referred to the works committee for report. The Engineer reported upon the condition of the works, stating that good progress had been made during the month, and that the weather had on the whole been favourable. The estimated expenditure for the year was placed before members and approved. A vote of thanks to the chairman concluded the proceedings.

The business of the day was entered upon at once, the minutes of the previous meeting being read and confirmed. Correspondence was received from various quarters, and after some discussion it was resolved that the matter should be referred to the works committee for report. The Engineer reported upon the condition of the works, stating that good progress had been made during the month, and that the weather had on the whole been favourable. The estimated expenditure for the year was placed before members and approved. A vote of thanks to the chairman concluded the proceedings.

OTAGO CENTRAL.

The business of the day was entered upon at once, the minutes of the previous meeting being read and confirmed. Correspondence was received from various quarters, and after some discussion it was resolved that the matter should be referred to the works committee for report. The Engineer reported upon the condition of the works, stating that good progress had been made during the month, and that the weather had on the whole been favourable. The estimated expenditure for the year was placed before members and approved. A vote of thanks to the chairman concluded the proceedings.

The business of the day was entered upon at once, the minutes of the previous meeting being read and confirmed. Correspondence was received from various quarters, and after some discussion it was resolved that the matter should be referred to the works committee for report. The Engineer reported upon the condition of the works, stating that good progress had been made during the month, and that the weather had on the whole been favourable. The estimated expenditure for the year was placed before members and approved. A vote of thanks to the chairman concluded the proceedings.

TOTAL RAILWAYS APPROPRIATIONS.

The business of the day was entered upon at once, the minutes of the previous meeting being read and confirmed. Correspondence was received from various quarters, and after some discussion it was resolved that the matter should be referred to the works committee for report. The Engineer reported upon the condition of the works, stating that good progress had been made during the month, and that the weather had on the whole been favourable. The estimated expenditure for the year was placed before members and approved. A vote of thanks to the chairman concluded the proceedings.

OTHER RAILWAY WORKS.

The business of the day was entered upon at once, the minutes of the previous meeting being read and confirmed. Correspondence was received from various quarters, and after some discussion it was resolved that the matter should be referred to the works committee for report. The Engineer reported upon the condition of the works, stating that good progress had been made during the month, and that the weather had on the whole been favourable. The estimated expenditure for the year was placed before members and approved. A vote of thanks to the chairman concluded the proceedings.

The business of the day was entered upon at once, the minutes of the previous meeting being read and confirmed. Correspondence was received from various quarters, and after some discussion it was resolved that the matter should be referred to the works committee for report. The Engineer reported upon the condition of the works, stating that good progress had been made during the month, and that the weather had on the whole been favourable. The estimated expenditure for the year was placed before members and approved. A vote of thanks to the chairman concluded the proceedings.

UTILISATION OF WATER POWER.

The business of the day was entered upon at once, the minutes of the previous meeting being read and confirmed. Correspondence was received from various quarters, and after some discussion it was resolved that the matter should be referred to the works committee for report. The Engineer reported upon the condition of the works, stating that good progress had been made during the month, and that the weather had on the whole been favourable. The estimated expenditure for the year was placed before members and approved. A vote of thanks to the chairman concluded the proceedings.

PUBLIC BUILDINGS.

The business of the day was entered upon at once, the minutes of the previous meeting being read and confirmed. Correspondence was received from various quarters, and after some discussion it was resolved that the matter should be referred to the works committee for report. The Engineer reported upon the condition of the works, stating that good progress had been made during the month, and that the weather had on the whole been favourable. The estimated expenditure for the year was placed before members and approved. A vote of thanks to the chairman concluded the proceedings.

The business of the day was entered upon at once, the minutes of the previous meeting being read and confirmed. Correspondence was received from various quarters, and after some discussion it was resolved that the matter should be referred to the works committee for report. The Engineer reported upon the condition of the works, stating that good progress had been made during the month, and that the weather had on the whole been favourable. The estimated expenditure for the year was placed before members and approved. A vote of thanks to the chairman concluded the proceedings.

The business of the day was entered upon at once, the minutes of the previous meeting being read and confirmed. Correspondence was received from various quarters, and after some discussion it was resolved that the matter should be referred to the works committee for report. The Engineer reported upon the condition of the works, stating that good progress had been made during the month, and that the weather had on the whole been favourable. The estimated expenditure for the year was placed before members and approved. A vote of thanks to the chairman concluded the proceedings.

GENERAL.

The business of the day was entered upon at once, the minutes of the previous meeting being read and confirmed. Correspondence was received from various quarters, and after some discussion it was resolved that the matter should be referred to the works committee for report. The Engineer reported upon the condition of the works, stating that good progress had been made during the month, and that the weather had on the whole been favourable. The estimated expenditure for the year was placed before members and approved. A vote of thanks to the chairman concluded the proceedings.

JUDICIAL.
GAOLS.

The business of the day was entered upon at once, the minutes of the previous meeting being read and confirmed. Correspondence was received from various quarters, and after some discussion it was resolved that the matter should be referred to the works committee for report. The Engineer reported upon the condition of the works, stating that good progress had been made during the month, and that the weather had on the whole been favourable. The estimated expenditure for the year was placed before members and approved. A vote of thanks to the chairman concluded the proceedings.

POLICE STATIONS.

The business of the day was entered upon at once, the minutes of the previous meeting being read and confirmed. Correspondence was received from various quarters, and after some discussion it was resolved that the matter should be referred to the works committee for report. The Engineer reported upon the condition of the works, stating that good progress had been made during the month, and that the weather had on the whole been favourable. The estimated expenditure for the year was placed before members and approved. A vote of thanks to the chairman concluded the proceedings.

POST AND TELEGRAPH.

The business of the day was entered upon at once, the minutes of the previous meeting being read and confirmed. Correspondence was received from various quarters, and after some discussion it was resolved that the matter should be referred to the works committee for report. The Engineer reported upon the condition of the works, stating that good progress had been made during the month, and that the weather had on the whole been favourable. The estimated expenditure for the year was placed before members and approved. A vote of thanks to the chairman concluded the proceedings.

MENTAL HOSPITALS.

The business of the day was entered upon at once, the minutes of the previous meeting being read and confirmed. Correspondence was received from various quarters, and after some discussion it was resolved that the matter should be referred to the works committee for report. The Engineer reported upon the condition of the works, stating that good progress had been made during the month, and that the weather had on the whole been favourable. The estimated expenditure for the year was placed before members and approved. A vote of thanks to the chairman concluded the proceedings.

SCHOOLS.

The business of the day was entered upon at once, the minutes of the previous meeting being read and confirmed. Correspondence was received from various quarters, and after some discussion it was resolved that the matter should be referred to the works committee for report. The Engineer reported upon the condition of the works, stating that good progress had been made during the month, and that the weather had on the whole been favourable. The estimated expenditure for the year was placed before members and approved. A vote of thanks to the chairman concluded the proceedings.

The business of the day was entered upon at once, the minutes of the previous meeting being read and confirmed. Correspondence was received from various quarters, and after some discussion it was resolved that the matter should be referred to the works committee for report. The Engineer reported upon the condition of the works, stating that good progress had been made during the month, and that the weather had on the whole been favourable. The estimated expenditure for the year was placed before members and approved. A vote of thanks to the chairman concluded the proceedings.

AGRICULTURAL.

The business of the day was entered upon at once, the minutes of the previous meeting being read and confirmed. Correspondence was received from various quarters, and after some discussion it was resolved that the matter should be referred to the works committee for report. The Engineer reported upon the condition of the works, stating that good progress had been made during the month, and that the weather had on the whole been favourable. The estimated expenditure for the year was placed before members and approved. A vote of thanks to the chairman concluded the proceedings.

PUBLIC HEALTH.

The business of the day was entered upon at once, the minutes of the previous meeting being read and confirmed. Correspondence was received from various quarters, and after some discussion it was resolved that the matter should be referred to the works committee for report. The Engineer reported upon the condition of the works, stating that good progress had been made during the month, and that the weather had on the whole been favourable. The estimated expenditure for the year was placed before members and approved. A vote of thanks to the chairman concluded the proceedings.

ROADS, BRIDGES, ETC.

The business of the day was entered upon at once, the minutes of the previous meeting being read and confirmed. Correspondence was received from various quarters, and after some discussion it was resolved that the matter should be referred to the works committee for report. The Engineer reported upon the condition of the works, stating that good progress had been made during the month, and that the weather had on the whole been favourable. The estimated expenditure for the year was placed before members and approved. A vote of thanks to the chairman concluded the proceedings.

The business of the day was entered upon at once, the minutes of the previous meeting being read and confirmed. Correspondence was received from various quarters, and after some discussion it was resolved that the matter should be referred to the works committee for report. The Engineer reported upon the condition of the works, stating that good progress had been made during the month, and that the weather had on the whole been favourable. The estimated expenditure for the year was placed before members and approved. A vote of thanks to the chairman concluded the proceedings.

DEVELOPMENT OF GOLD FIELDS AND MINING.

The business of the day was entered upon at once, the minutes of the previous meeting being read and confirmed. Correspondence was received from various quarters, and after some discussion it was resolved that the matter should be referred to the works committee for report. The Engineer reported upon the condition of the works, stating that good progress had been made during the month, and that the weather had on the whole been favourable. The estimated expenditure for the year was placed before members and approved. A vote of thanks to the chairman concluded the proceedings.

The business of the day was entered upon at once, the minutes of the previous meeting being read and confirmed. Correspondence was received from various quarters, and after some discussion it was resolved that the matter should be referred to the works committee for report. The Engineer reported upon the condition of the works, stating that good progress had been made during the month, and that the weather had on the whole been favourable. The estimated expenditure for the year was placed before members and approved. A vote of thanks to the chairman concluded the proceedings.

The business of the day was entered upon at once, the minutes of the previous meeting being read and confirmed. Correspondence was received from various quarters, and after some discussion it was resolved that the matter should be referred to the works committee for report. The Engineer reported upon the condition of the works, stating that good progress had been made during the month, and that the weather had on the whole been favourable. The estimated expenditure for the year was placed before members and approved. A vote of thanks to the chairman concluded the proceedings.

The business of the day was entered upon at once, the minutes of the previous meeting being read and confirmed. Correspondence was received from various quarters, and after some discussion it was resolved that the matter should be referred to the works committee for report. The Engineer reported upon the condition of the works, stating that good progress had been made during the month, and that the weather had on the whole been favourable. The estimated expenditure for the year was placed before members and approved. A vote of thanks to the chairman concluded the proceedings.

TOURIST AND HEALTH RESORTS.

The business of the day was entered upon at once, the minutes of the previous meeting being read and confirmed. Correspondence was received from various quarters, and after some discussion it was resolved that the matter should be referred to the works committee for report. The Engineer reported upon the condition of the works, stating that good progress had been made during the month, and that the weather had on the whole been favourable. The estimated expenditure for the year was placed before members and approved. A vote of thanks to the chairman concluded the proceedings.

The business of the day was entered upon at once, the minutes of the previous meeting being read and confirmed. Correspondence was received from various quarters, and after some discussion it was resolved that the matter should be referred to the works committee for report. The Engineer reported upon the condition of the works, stating that good progress had been made during the month, and that the weather had on the whole been favourable. The estimated expenditure for the year was placed before members and approved. A vote of thanks to the chairman concluded the proceedings.

TELEGRAPH EXTENSION.

The business of the day was entered upon at once, the minutes of the previous meeting being read and confirmed. Correspondence was received from various quarters, and after some discussion it was resolved that the matter should be referred to the works committee for report. The Engineer reported upon the condition of the works, stating that good progress had been made during the month, and that the weather had on the whole been favourable. The estimated expenditure for the year was placed before members and approved. A vote of thanks to the chairman concluded the proceedings.

The business of the day was entered upon at once, the minutes of the previous meeting being read and confirmed. Correspondence was received from various quarters, and after some discussion it was resolved that the matter should be referred to the works committee for report. The Engineer reported upon the condition of the works, stating that good progress had been made during the month, and that the weather had on the whole been favourable. The estimated expenditure for the year was placed before members and approved. A vote of thanks to the chairman concluded the proceedings.

LIGHTHOUSES.

The business of the day was entered upon at once, the minutes of the previous meeting being read and confirmed. Correspondence was received from various quarters, and after some discussion it was resolved that the matter should be referred to the works committee for report. The Engineer reported upon the condition of the works, stating that good progress had been made during the month, and that the weather had on the whole been favourable. The estimated expenditure for the year was placed before members and approved. A vote of thanks to the chairman concluded the proceedings.

HARBOUR WORKS.

The business of the day was entered upon at once, the minutes of the previous meeting being read and confirmed. Correspondence was received from various quarters, and after some discussion it was resolved that the matter should be referred to the works committee for report. The Engineer reported upon the condition of the works, stating that good progress had been made during the month, and that the weather had on the whole been favourable. The estimated expenditure for the year was placed before members and approved. A vote of thanks to the chairman concluded the proceedings.

MISCELLANEOUS.

The business of the day was entered upon at once, the minutes of the previous meeting being read and confirmed. Correspondence was received from various quarters, and after some discussion it was resolved that the matter should be referred to the works committee for report. The Engineer reported upon the condition of the works, stating that good progress had been made during the month, and that the weather had on the whole been favourable. The estimated expenditure for the year was placed before members and approved. A vote of thanks to the chairman concluded the proceedings.

The business of the day was entered upon at once, the minutes of the previous meeting being read and confirmed. Correspondence was received from various quarters, and after some discussion it was resolved that the matter should be referred to the works committee for report. The Engineer reported upon the condition of the works, stating that good progress had been made during the month, and that the weather had on the whole been favourable. The estimated expenditure for the year was placed before members and approved. A vote of thanks to the chairman concluded the proceedings.

CONCLUSION.

The business of the day was entered upon at once, the minutes of the previous meeting being read and confirmed. Correspondence was received from various quarters, and after some discussion it was resolved that the matter should be referred to the works committee for report. The Engineer reported upon the condition of the works, stating that good progress had been made during the month, and that the weather had on the whole been favourable. The estimated expenditure for the year was placed before members and approved. A vote of thanks to the chairman concluded the proceedings.

The business of the day was entered upon at once, the minutes of the previous meeting being read and confirmed. Correspondence was received from various quarters, and after some discussion it was resolved that the matter should be referred to the works committee for report. The Engineer reported upon the condition of the works, stating that good progress had been made during the month, and that the weather had on the whole been favourable. The estimated expenditure for the year was placed before members and approved. A vote of thanks to the chairman concluded the proceedings.

GRAND OPERA.
MATINEE—THIS AFTERNOON.

The business of the day was entered upon at once, the minutes of the previous meeting being read and confirmed. Correspondence was received from various quarters, and after some discussion it was resolved that the matter should be referred to the works committee for report. The Engineer reported upon the condition of the works, stating that good progress had been made during the month, and that the weather had on the whole been favourable. The estimated expenditure for the year was placed before members and approved. A vote of thanks to the chairman concluded the proceedings.

The business of the day was entered upon at once, the minutes of the previous meeting being read and confirmed. Correspondence was received from various quarters, and after some discussion it was resolved that the matter should be referred to the works committee for report. The Engineer reported upon the condition of the works, stating that good progress had been made during the month, and that the weather had on the whole been favourable. The estimated expenditure for the year was placed before members and approved. A vote of thanks to the chairman concluded the proceedings.

The business of the day was entered upon at once, the minutes of the previous meeting being read and confirmed. Correspondence was received from various quarters, and after some discussion it was resolved that the matter should be referred to the works committee for report. The Engineer reported upon the condition of the works, stating that good progress had been made during the month, and that the weather had on the whole been favourable. The estimated expenditure for the year was placed before members and approved. A vote of thanks to the chairman concluded the proceedings.

ITEMS OF INTEREST.

The business of the day was entered upon at once, the minutes of the previous meeting being read and confirmed. Correspondence was received from various quarters, and after some discussion it was resolved that the matter should be referred to the works committee for report. The Engineer reported upon the condition of the works, stating that good progress had been made during the month, and that the weather had on the whole been favourable. The estimated expenditure for the year was placed before members and approved. A vote of thanks to the chairman concluded the proceedings.

The business of the day was entered upon at once, the minutes of the previous meeting being read and confirmed. Correspondence was received from various quarters, and after some discussion it was resolved that the matter should be referred to the works committee for report. The Engineer reported upon the condition of the works, stating that good progress had been made during the month, and that the weather had on the whole been favourable. The estimated expenditure for the year was placed before members and approved. A vote of thanks to the chairman concluded the proceedings.

The business of the day was entered upon at once, the minutes of the previous meeting being read and confirmed. Correspondence was received from various quarters, and after some discussion it was resolved that the matter should be referred to the works committee for report. The Engineer reported upon the condition of the works, stating that good progress had been made during the month, and that the weather had on the whole been favourable. The estimated expenditure for the year was placed before members and approved. A vote of thanks to the chairman concluded the proceedings.

The business of the day was entered upon at once, the minutes of the previous meeting being read and confirmed. Correspondence was received from various quarters, and after some discussion it was resolved that the matter should be referred to the works committee for report. The Engineer reported upon the condition of the works, stating that good progress had been made during the month, and that the weather had on the whole been favourable. The estimated expenditure for the year was placed before members and approved. A vote of thanks to the chairman concluded the proceedings.

The business of the day was entered upon at once, the minutes of the previous meeting being read and confirmed. Correspondence was received from various quarters, and after some discussion it was resolved that the matter should be referred to the works committee for report. The Engineer reported upon the condition of the works, stating that good progress had been made during the month, and that the weather had on the whole been favourable. The estimated expenditure for the year was placed before members and approved. A vote of thanks to the chairman concluded the proceedings.

The business of the day was entered upon at once, the minutes of the previous meeting being read and confirmed. Correspondence was received from various quarters, and after some discussion it was resolved that the matter should be referred to the works committee for report. The Engineer reported upon the condition of the works, stating that good progress had been made during the month, and that the weather had on the whole been favourable. The estimated expenditure for the year was placed before members and approved. A vote of thanks to the chairman concluded the proceedings.

The business of the day was entered upon at once, the minutes of the previous meeting being read and confirmed. Correspondence was received from various quarters, and after some discussion it was resolved that the matter should be referred to the works committee for report. The Engineer reported upon the condition of the works, stating that good progress had been made during the month, and that the weather had on the whole been favourable. The estimated expenditure for the year was placed before members and approved. A vote of thanks to the chairman concluded the proceedings.

The business of the day was entered upon at once, the minutes of the previous meeting being read and confirmed. Correspondence was received from various quarters, and after some discussion it was resolved that the matter should be referred to the works committee for report. The Engineer reported upon the condition of the works, stating that good progress had been made during the month, and that the weather had on the whole been favourable. The estimated expenditure for the year was placed before members and approved. A vote of thanks to the chairman concluded the proceedings.
